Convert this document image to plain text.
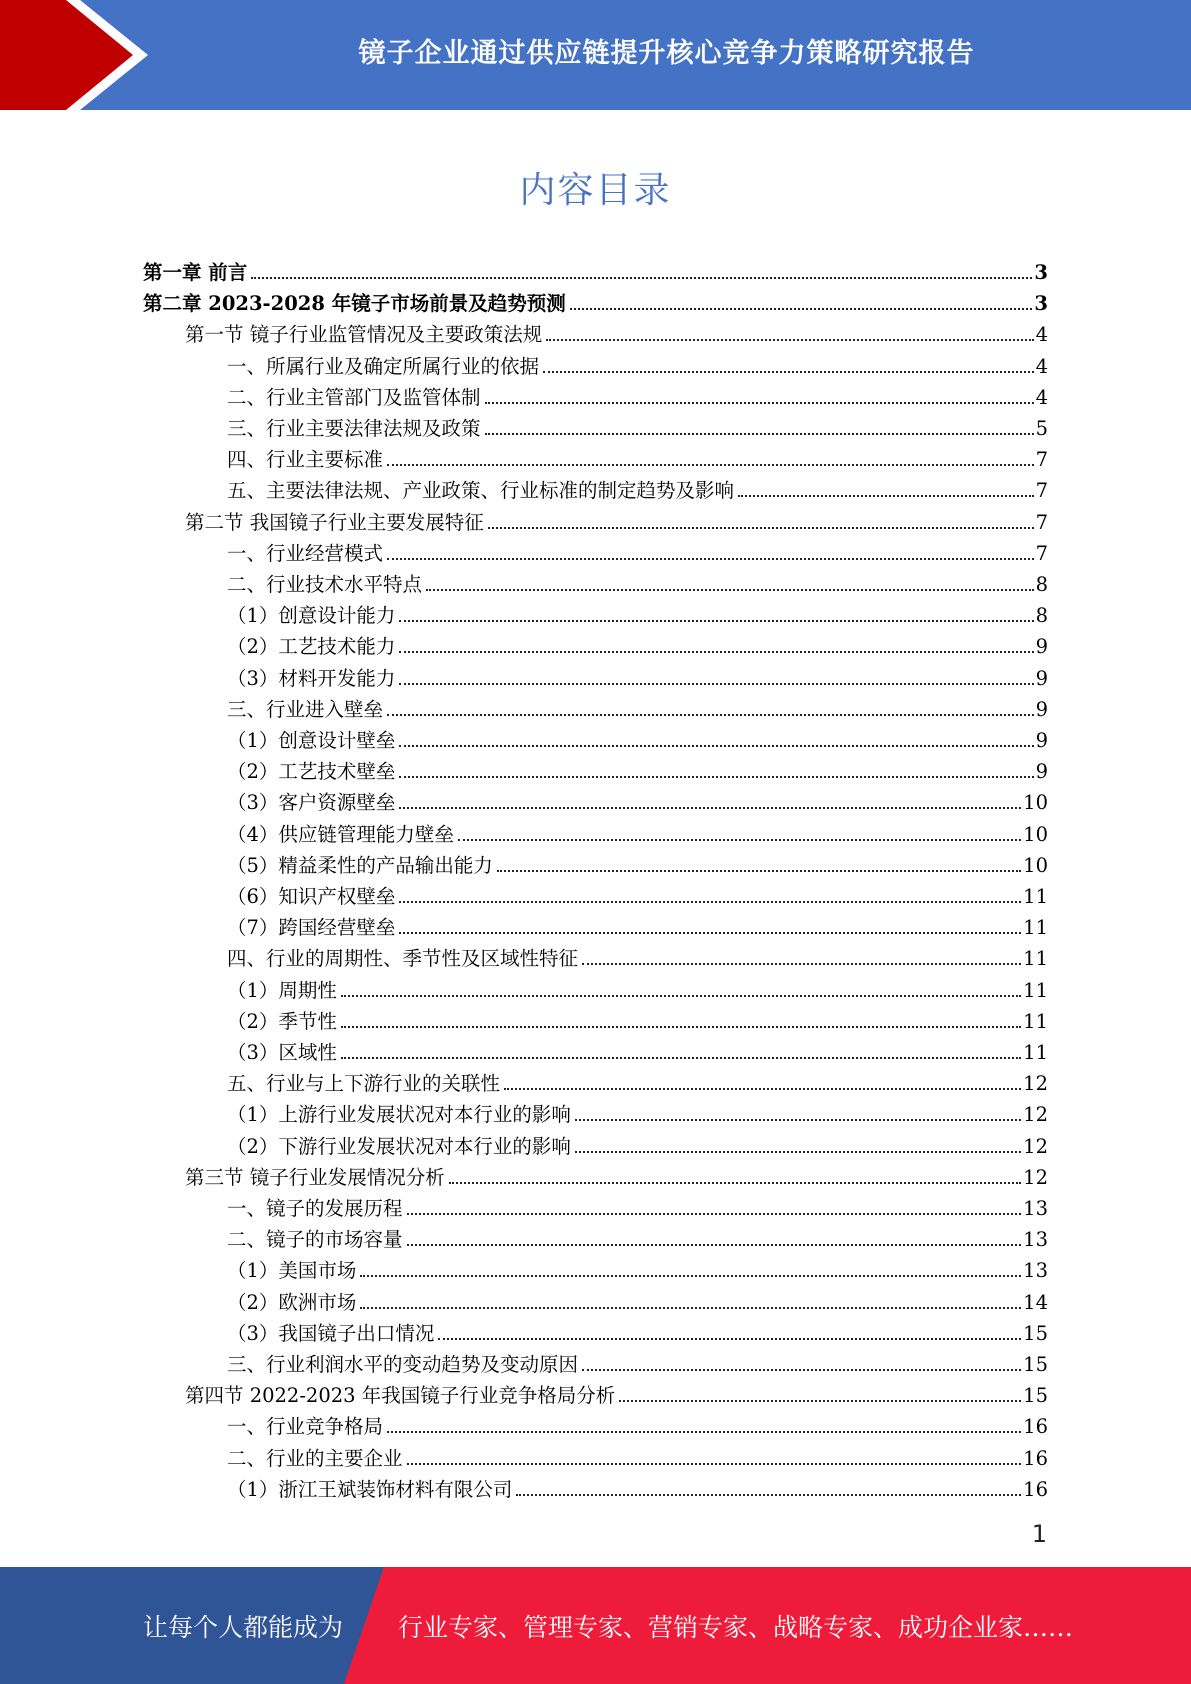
镜子企业通过供应链提升核心竞争力策略研究报告
内容目录
第一章 前言	3
第二章 2023-2028 年镜子市场前景及趋势预测	3
第一节 镜子行业监管情况及主要政策法规	4
一、所属行业及确定所属行业的依据	4
二、行业主管部门及监管体制	4
三、行业主要法律法规及政策	5
四、行业主要标准	7
五、主要法律法规、产业政策、行业标准的制定趋势及影响	7
第二节 我国镜子行业主要发展特征	7
一、行业经营模式	7
二、行业技术水平特点	8
（1）创意设计能力	8
（2）工艺技术能力	9
（3）材料开发能力	9
三、行业进入壁垒	9
（1）创意设计壁垒	9
（2）工艺技术壁垒	9
（3）客户资源壁垒	10
（4）供应链管理能力壁垒	10
（5）精益柔性的产品输出能力	10
（6）知识产权壁垒	11
（7）跨国经营壁垒	11
四、行业的周期性、季节性及区域性特征	11
（1）周期性	11
（2）季节性	11
（3）区域性	11
五、行业与上下游行业的关联性	12
（1）上游行业发展状况对本行业的影响	12
（2）下游行业发展状况对本行业的影响	12
第三节 镜子行业发展情况分析	12
一、镜子的发展历程	13
二、镜子的市场容量	13
（1）美国市场	13
（2）欧洲市场	14
（3）我国镜子出口情况	15
三、行业利润水平的变动趋势及变动原因	15
第四节 2022-2023 年我国镜子行业竞争格局分析	15
一、行业竞争格局	16
二、行业的主要企业	16
（1）浙江王斌装饰材料有限公司	16
1
让每个人都能成为 行业专家、管理专家、营销专家、战略专家、成功企业家……
